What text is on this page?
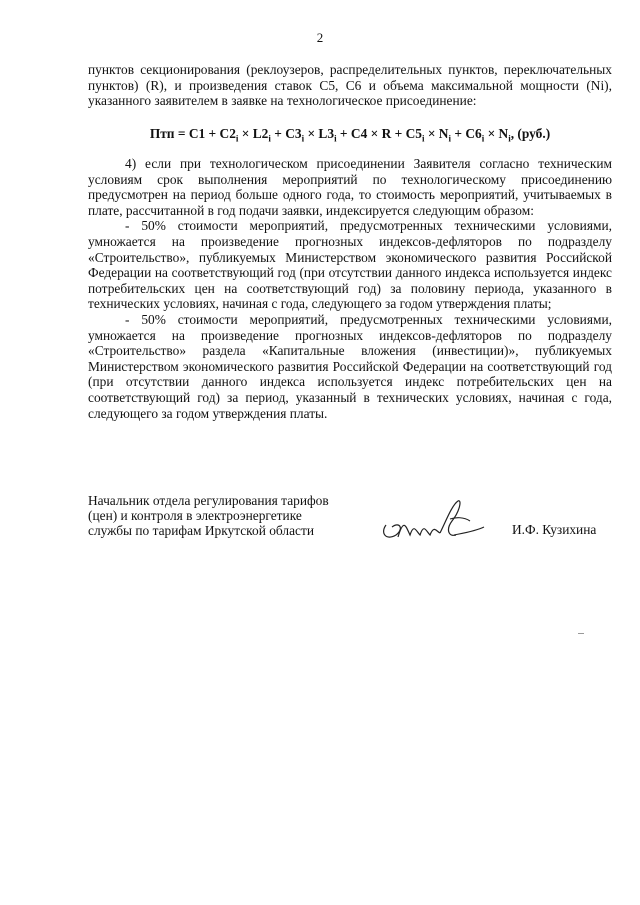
2

пунктов секционирования (реклоузеров, распределительных пунктов, переключательных пунктов) (R), и произведения ставок С5, С6 и объема максимальной мощности (Ni), указанного заявителем в заявке на технологическое присоединение:

Птп = $С1 + С2_i \times L2_i + С3_i \times L3_i + С4 \times R + С5_i \times N_i + С6_i \times N_i$, (руб.)

4) если при технологическом присоединении Заявителя согласно техническим условиям срок выполнения мероприятий по технологическому присоединению предусмотрен на период больше одного года, то стоимость мероприятий, учитываемых в плате, рассчитанной в год подачи заявки, индексируется следующим образом:

- 50% стоимости мероприятий, предусмотренных техническими условиями, умножается на произведение прогнозных индексов-дефляторов по подразделу «Строительство», публикуемых Министерством экономического развития Российской Федерации на соответствующий год (при отсутствии данного индекса используется индекс потребительских цен на соответствующий год) за половину периода, указанного в технических условиях, начиная с года, следующего за годом утверждения платы;

- 50% стоимости мероприятий, предусмотренных техническими условиями, умножается на произведение прогнозных индексов-дефляторов по подразделу «Строительство» раздела «Капитальные вложения (инвестиции)», публикуемых Министерством экономического развития Российской Федерации на соответствующий год (при отсутствии данного индекса используется индекс потребительских цен на соответствующий год) за период, указанный в технических условиях, начиная с года, следующего за годом утверждения платы.

Начальник отдела регулирования тарифов
(цен) и контроля в электроэнергетике
службы по тарифам Иркутской области	И.Ф. Кузихина
